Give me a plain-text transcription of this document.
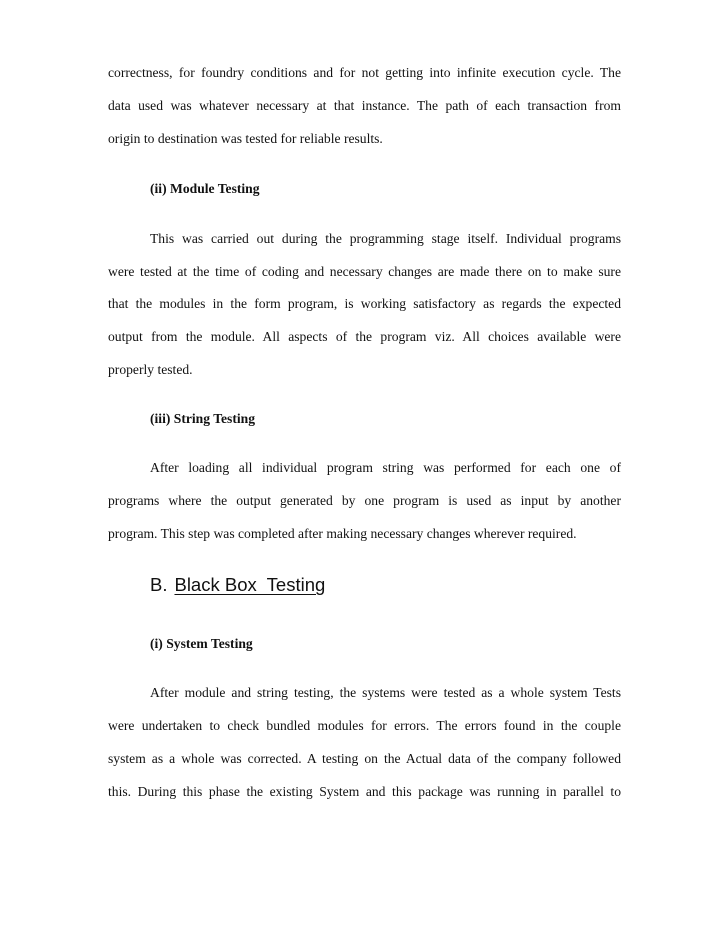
correctness, for foundry conditions and for not getting into infinite execution cycle. The
data used was whatever necessary at that instance. The path of each transaction from
origin to destination was tested for reliable results.
(ii) Module Testing
This was carried out during the programming stage itself. Individual programs
were tested at the time of coding and necessary changes are made there on to make sure
that the modules in the form program, is working satisfactory as regards the expected
output from the module. All aspects of the program viz. All choices available were
properly tested.
(iii) String Testing
After loading all individual program string was performed for each one of
programs where the output generated by one program is used as input by another
program. This step was completed after making necessary changes wherever required.
B. Black Box  Testing
(i) System Testing
After module and string testing, the systems were tested as a whole system Tests
were undertaken to check bundled modules for errors. The errors found in the couple
system as a whole was corrected. A testing on the Actual data of the company followed
this. During this phase the existing System and this package was running in parallel to
